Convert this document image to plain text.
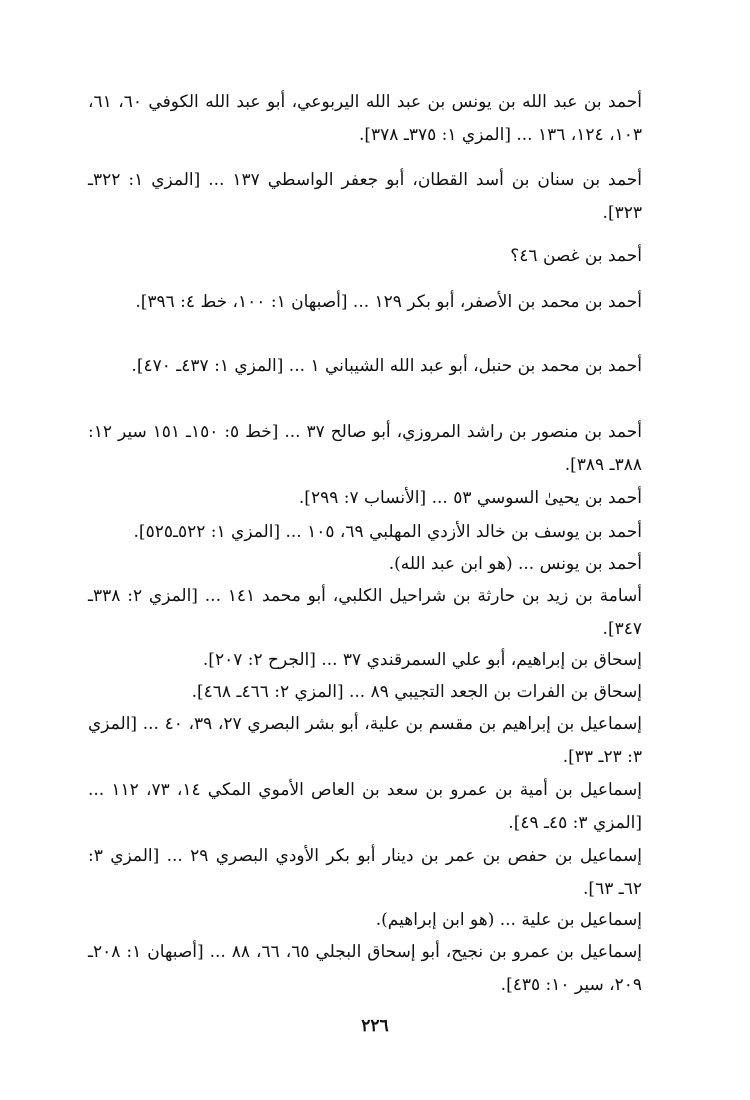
أحمد بن عبد الله بن يونس بن عبد الله اليربوعي، أبو عبد الله الكوفي ٦٠، ٦١، ١٠٣، ١٢٤، ١٣٦ ... [المزي ١: ٣٧٥ـ ٣٧٨].
أحمد بن سنان بن أسد القطان، أبو جعفر الواسطي ١٣٧ ... [المزي ١: ٣٢٢ـ ٣٢٣].
أحمد بن غصن ٤٦؟
أحمد بن محمد بن الأصفر، أبو بكر ١٢٩ ... [أصبهان ١: ١٠٠، خط ٤: ٣٩٦].
أحمد بن محمد بن حنبل، أبو عبد الله الشيباني ١ ... [المزي ١: ٤٣٧ـ ٤٧٠].
أحمد بن منصور بن راشد المروزي، أبو صالح ٣٧ ... [خط ٥: ١٥٠ـ ١٥١ سير ١٢: ٣٨٨ـ ٣٨٩].
أحمد بن يحيىٰ السوسي ٥٣ ... [الأنساب ٧: ٢٩٩].
أحمد بن يوسف بن خالد الأزدي المهلبي ٦٩، ١٠٥ ... [المزي ١: ٥٢٢ـ٥٢٥].
أحمد بن يونس ... (هو ابن عبد الله).
أسامة بن زيد بن حارثة بن شراحيل الكلبي، أبو محمد ١٤١ ... [المزي ٢: ٣٣٨ـ ٣٤٧].
إسحاق بن إبراهيم، أبو علي السمرقندي ٣٧ ... [الجرح ٢: ٢٠٧].
إسحاق بن الفرات بن الجعد التجيبي ٨٩ ... [المزي ٢: ٤٦٦ـ ٤٦٨].
إسماعيل بن إبراهيم بن مقسم بن علية، أبو بشر البصري ٢٧، ٣٩، ٤٠ ... [المزي ٣: ٢٣ـ ٣٣].
إسماعيل بن أمية بن عمرو بن سعد بن العاص الأموي المكي ١٤، ٧٣، ١١٢ ... [المزي ٣: ٤٥ـ ٤٩].
إسماعيل بن حفص بن عمر بن دينار أبو بكر الأودي البصري ٢٩ ... [المزي ٣: ٦٢ـ ٦٣].
إسماعيل بن علية ... (هو ابن إبراهيم).
إسماعيل بن عمرو بن نجيح، أبو إسحاق البجلي ٦٥، ٦٦، ٨٨ ... [أصبهان ١: ٢٠٨ـ ٢٠٩، سير ١٠: ٤٣٥].
٢٢٦
